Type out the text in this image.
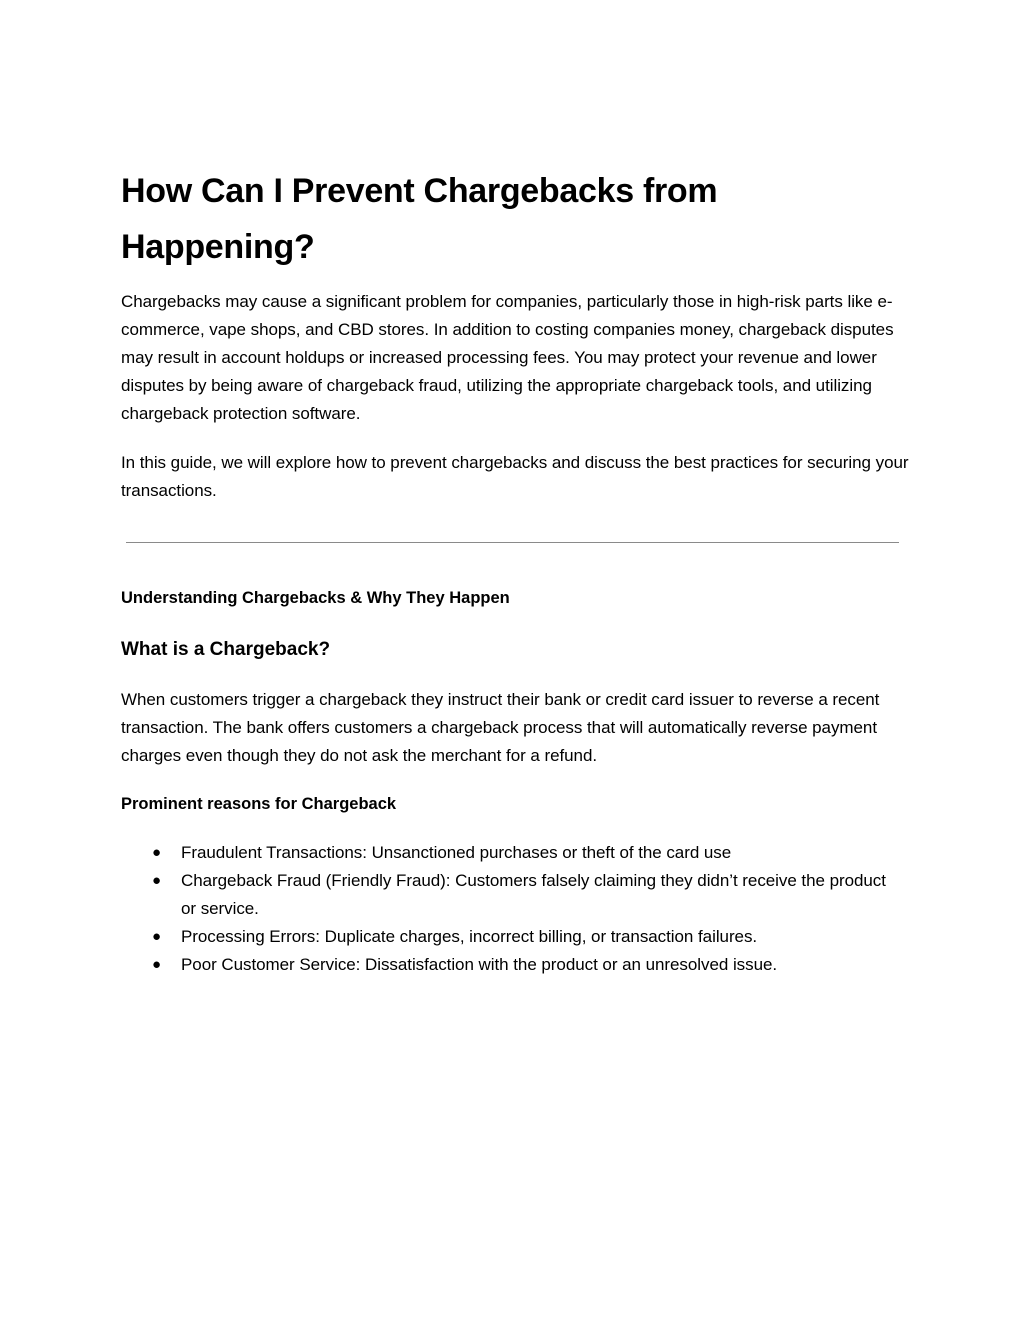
How Can I Prevent Chargebacks from Happening?

Chargebacks may cause a significant problem for companies, particularly those in high-risk parts like e-commerce, vape shops, and CBD stores. In addition to costing companies money, chargeback disputes may result in account holdups or increased processing fees. You may protect your revenue and lower disputes by being aware of chargeback fraud, utilizing the appropriate chargeback tools, and utilizing chargeback protection software.

In this guide, we will explore how to prevent chargebacks and discuss the best practices for securing your transactions.

Understanding Chargebacks & Why They Happen
What is a Chargeback?

When customers trigger a chargeback they instruct their bank or credit card issuer to reverse a recent transaction. The bank offers customers a chargeback process that will automatically reverse payment charges even though they do not ask the merchant for a refund.

Prominent reasons for Chargeback
● Fraudulent Transactions: Unsanctioned purchases or theft of the card use
● Chargeback Fraud (Friendly Fraud): Customers falsely claiming they didn’t receive the product or service.
● Processing Errors: Duplicate charges, incorrect billing, or transaction failures.
● Poor Customer Service: Dissatisfaction with the product or an unresolved issue.
